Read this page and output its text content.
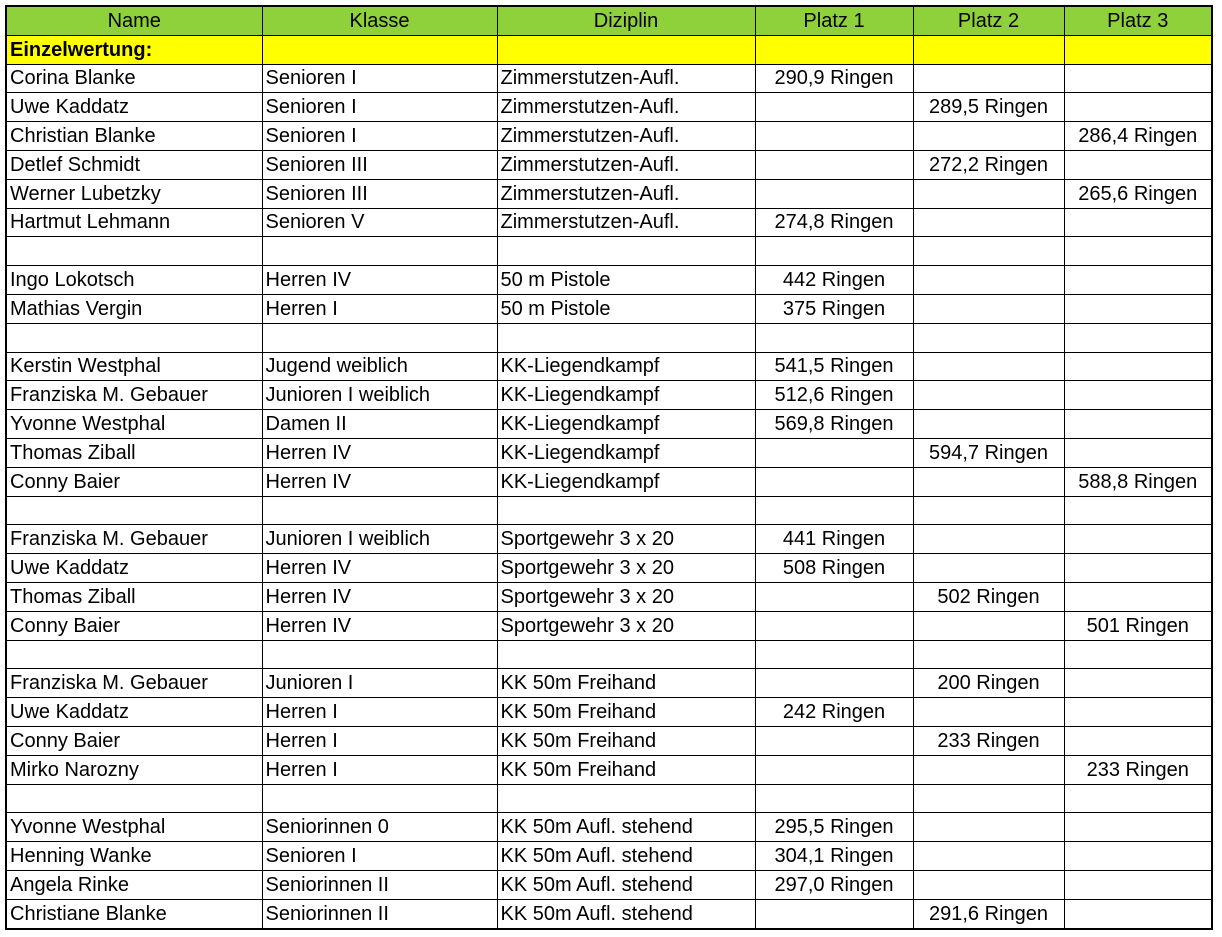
Name	Klasse	Diziplin	Platz 1	Platz 2	Platz 3
Einzelwertung:					
Corina Blanke	Senioren I	Zimmerstutzen-Aufl.	290,9 Ringen		
Uwe Kaddatz	Senioren I	Zimmerstutzen-Aufl.		289,5 Ringen	
Christian Blanke	Senioren I	Zimmerstutzen-Aufl.			286,4 Ringen
Detlef Schmidt	Senioren III	Zimmerstutzen-Aufl.		272,2 Ringen	
Werner Lubetzky	Senioren III	Zimmerstutzen-Aufl.			265,6 Ringen
Hartmut Lehmann	Senioren V	Zimmerstutzen-Aufl.	274,8 Ringen		

Ingo Lokotsch	Herren IV	50 m Pistole	442 Ringen		
Mathias Vergin	Herren I	50 m Pistole	375 Ringen		

Kerstin Westphal	Jugend weiblich	KK-Liegendkampf	541,5 Ringen		
Franziska M. Gebauer	Junioren I weiblich	KK-Liegendkampf	512,6 Ringen		
Yvonne Westphal	Damen II	KK-Liegendkampf	569,8 Ringen		
Thomas Ziball	Herren IV	KK-Liegendkampf		594,7 Ringen	
Conny Baier	Herren IV	KK-Liegendkampf			588,8 Ringen

Franziska M. Gebauer	Junioren I weiblich	Sportgewehr 3 x 20	441 Ringen		
Uwe Kaddatz	Herren IV	Sportgewehr 3 x 20	508 Ringen		
Thomas Ziball	Herren IV	Sportgewehr 3 x 20		502 Ringen	
Conny Baier	Herren IV	Sportgewehr 3 x 20			501 Ringen

Franziska M. Gebauer	Junioren I	KK 50m Freihand		200 Ringen	
Uwe Kaddatz	Herren I	KK 50m Freihand	242 Ringen		
Conny Baier	Herren I	KK 50m Freihand		233 Ringen	
Mirko Narozny	Herren I	KK 50m Freihand			233 Ringen

Yvonne Westphal	Seniorinnen 0	KK 50m Aufl. stehend	295,5 Ringen		
Henning Wanke	Senioren I	KK 50m Aufl. stehend	304,1 Ringen		
Angela Rinke	Seniorinnen II	KK 50m Aufl. stehend	297,0 Ringen		
Christiane Blanke	Seniorinnen II	KK 50m Aufl. stehend		291,6 Ringen	
